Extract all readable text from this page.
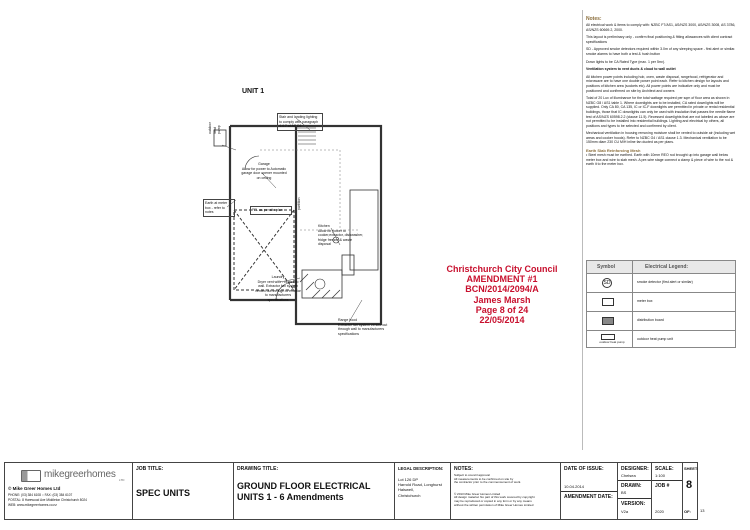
UNIT 1
Stair and landing lighting to comply with paragraph 4.4.7 of AS D1
outdoor heat pump
Garage
Allow for power to Automatic garage door opener mounted on ceiling
Earth at meter box - refer to notes
FFL as per site plan
Kitchen
Allow for power to cooker,extractor, dishwasher, fridge freezer & waste disposal
Laundry
Dryer vent with - vented to wall. Extractor fan system vented out through to exterior to manufacturers specifications
Range hood
Extractor fan system vented out through wall to manufacturers specifications
partition
Christchurch City Council
AMENDMENT #1
BCN/2014/2094/A
James Marsh
Page 8 of 24
22/05/2014
Notes:
All electrical work & items to comply with: NZBC F7/AS1, AS/NZS 3000, AS/NZS 3008, AS 3786, AS/NZS 60669.2, 2000.
This layout is preliminary only - confirm final positioning & fitting allowances with client contract specifications
SD - Approved smoke detectors required within 3.0m of any sleeping space - first alert or similar. smoke alarms to have both a test & hush button
Down lights to be CA Rated Type (max. 1 per 5m²).
Ventilation system to vent ducts & cloud to wall outlet
All kitchen power points including hob, oven, waste disposal, rangehood, refrigerator and microwave are to have one double power point each. Refer to kitchen design for layouts and positions of kitchen area (sockets etc). All power points are indicative only and must be positioned and confirmed on site by Architect and owners
Total of 20 Lux of illuminance for the total wattage required per sqm of floor area as shown in NZBC G8 / AS1 table 1. Where downlights are to be installed, CA rated downlights will be supplied. Only CA 80, CA 135, IC or IC-F downlights are permitted in private or rental residential buildings, those that IC downlights can only be used with insulation that passes the needle flame test of AS/NZS 60598.2.2 (clause 11.5). Recessed downlights that are not labelled as above are not permitted to be installed into residential buildings. Lighting and electrical by others, all positions and types to be selected and confirmed by client.
Mechanical ventilation in housing removing moisture shall be vented to outside air (including wet areas and cooker hoods). Refer to NZBC G4 / AS1 clause 1.3. Mechanical ventilation to be 150mm diam 230 CU M/H inline fan ducted as per plans.
Earth Slab Reinforcing Mesh
• Steel mesh must be earthed. Earth with 10mm REO rod brought up into garage wall below meter box and wire to slab mesh. A pre-wire stage connect a clamp & piece of wire to the rod & earth it to the meter box.
Symbol	Electrical Legend:
SD	smoke detector (first alert or similar)
meter box
distribution board
outdoor heat pump
outdoor heat pump unit
mikegreerhomes LTD
© Mike Greer Homes Ltd
PHONE: (03) 384 6108 ○ FAX: (03) 384 6107
POSTAL: 8 Harewood Ave Middleton Christchurch 8024
WEB: www.mikegreerhomes.co.nz
JOB TITLE:
SPEC UNITS
DRAWING TITLE:
GROUND FLOOR ELECTRICAL
UNITS 1 - 6 Amendments
LEGAL DESCRIPTION:
Lot 126 DP
Harrold Road, Longhurst
Halswell,
Christchurch
NOTES:
Subject to council approval
All measurements to be confirmed on site by
the contractor prior to the commencement of work.
© 2013 Mike Greer Homes Limited
All design material. No part of this work covered by copyright
may be reproduced or copied in any form or by any means
without the written permission of Mike Greer Homes Limited
DATE OF ISSUE:
10.04.2014
AMENDMENT DATE:
DESIGNER:
Chelsea
DRAWN:
BS
VERSION:
V2a
SCALE:
1:100
JOB #
2020
SHEET:
8
OF: 13
